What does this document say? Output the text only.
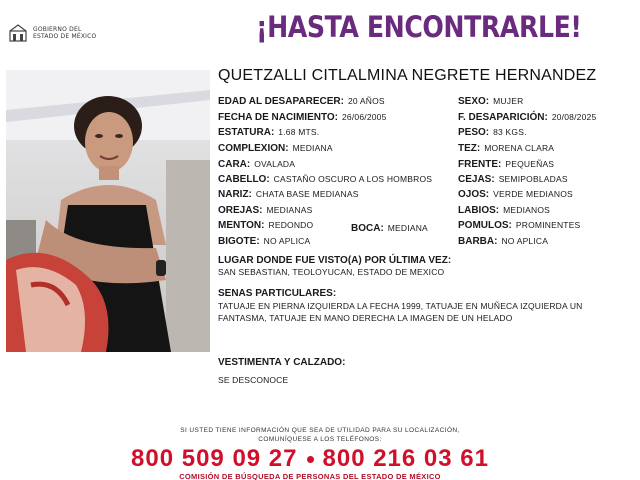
GOBIERNO DEL
ESTADO DE MÉXICO	¡HASTA ENCONTRARLE!
QUETZALLI CITLALMINA NEGRETE HERNANDEZ
EDAD AL DESAPARECER: 20 AÑOS
FECHA DE NACIMIENTO: 26/06/2005
ESTATURA: 1.68 MTS.
COMPLEXION: MEDIANA
CARA: OVALADA
CABELLO: CASTAÑO OSCURO A LOS HOMBROS
NARIZ: CHATA BASE MEDIANAS
OREJAS: MEDIANAS
MENTON: REDONDO	BOCA: MEDIANA
BIGOTE: NO APLICA
SEXO: MUJER
F. DESAPARICIÓN: 20/08/2025
PESO: 83 KGS.
TEZ: MORENA CLARA
FRENTE: PEQUEÑAS
CEJAS: SEMIPOBLADAS
OJOS: VERDE MEDIANOS
LABIOS: MEDIANOS
POMULOS: PROMINENTES
BARBA: NO APLICA
LUGAR DONDE FUE VISTO(A) POR ÚLTIMA VEZ:
SAN SEBASTIAN, TEOLOYUCAN, ESTADO DE MEXICO
SENAS PARTICULARES:
TATUAJE EN PIERNA IZQUIERDA LA FECHA 1999, TATUAJE EN MUÑECA IZQUIERDA UN FANTASMA, TATUAJE EN MANO DERECHA LA IMAGEN DE UN HELADO
VESTIMENTA Y CALZADO:
SE DESCONOCE
SI USTED TIENE INFORMACIÓN QUE SEA DE UTILIDAD PARA SU LOCALIZACIÓN,
COMUNÍQUESE A LOS TELÉFONOS:
800 509 09 27 800 216 03 61
COMISIÓN DE BÚSQUEDA DE PERSONAS DEL ESTADO DE MÉXICO
